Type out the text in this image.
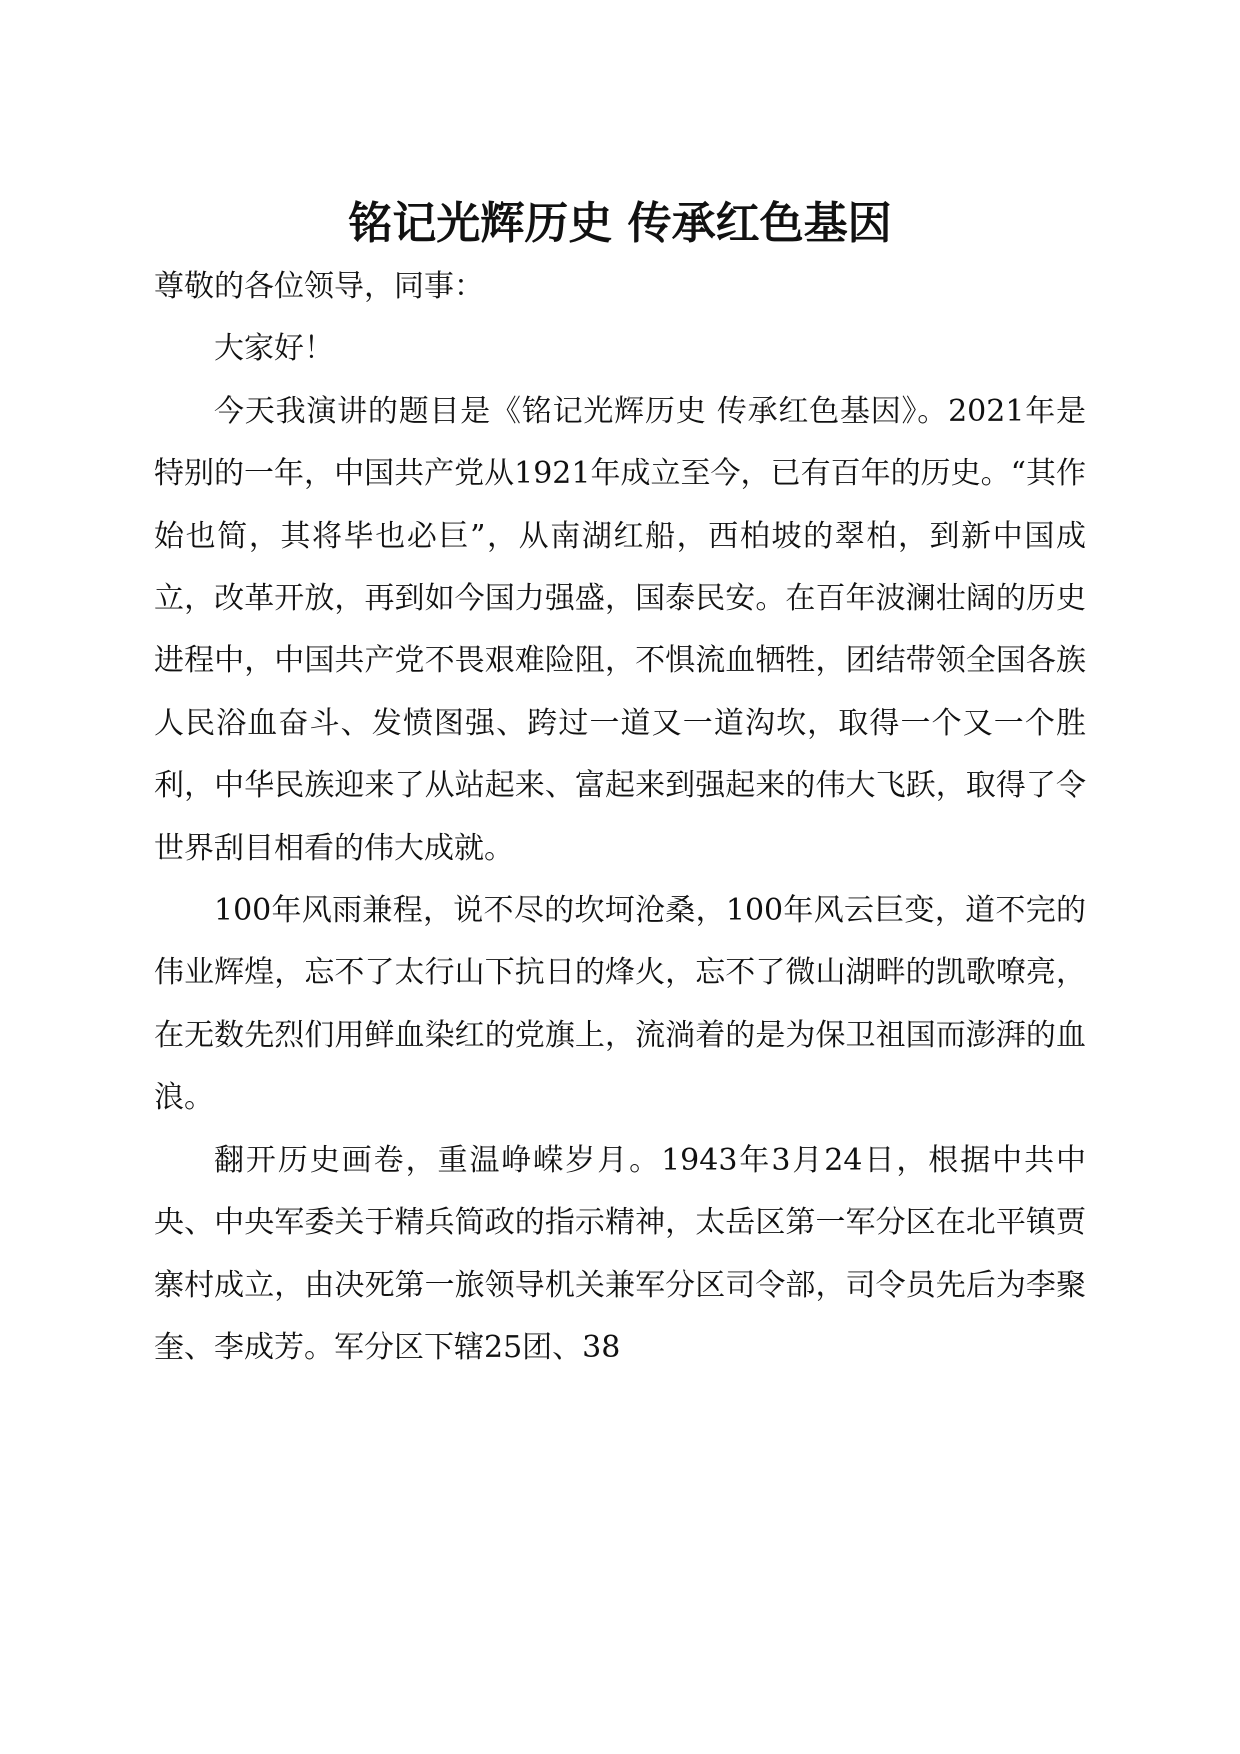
铭记光辉历史 传承红色基因

尊敬的各位领导，同事：

大家好！

今天我演讲的题目是《铭记光辉历史 传承红色基因》。2021年是特别的一年，中国共产党从1921年成立至今，已有百年的历史。“其作始也简，其将毕也必巨”，从南湖红船，西柏坡的翠柏，到新中国成立，改革开放，再到如今国力强盛，国泰民安。在百年波澜壮阔的历史进程中，中国共产党不畏艰难险阻，不惧流血牺牲，团结带领全国各族人民浴血奋斗、发愤图强、跨过一道又一道沟坎，取得一个又一个胜利，中华民族迎来了从站起来、富起来到强起来的伟大飞跃，取得了令世界刮目相看的伟大成就。

100年风雨兼程，说不尽的坎坷沧桑，100年风云巨变，道不完的伟业辉煌，忘不了太行山下抗日的烽火，忘不了微山湖畔的凯歌嘹亮，在无数先烈们用鲜血染红的党旗上，流淌着的是为保卫祖国而澎湃的血浪。

翻开历史画卷，重温峥嵘岁月。1943年3月24日，根据中共中央、中央军委关于精兵简政的指示精神，太岳区第一军分区在北平镇贾寨村成立，由决死第一旅领导机关兼军分区司令部，司令员先后为李聚奎、李成芳。军分区下辖25团、38
